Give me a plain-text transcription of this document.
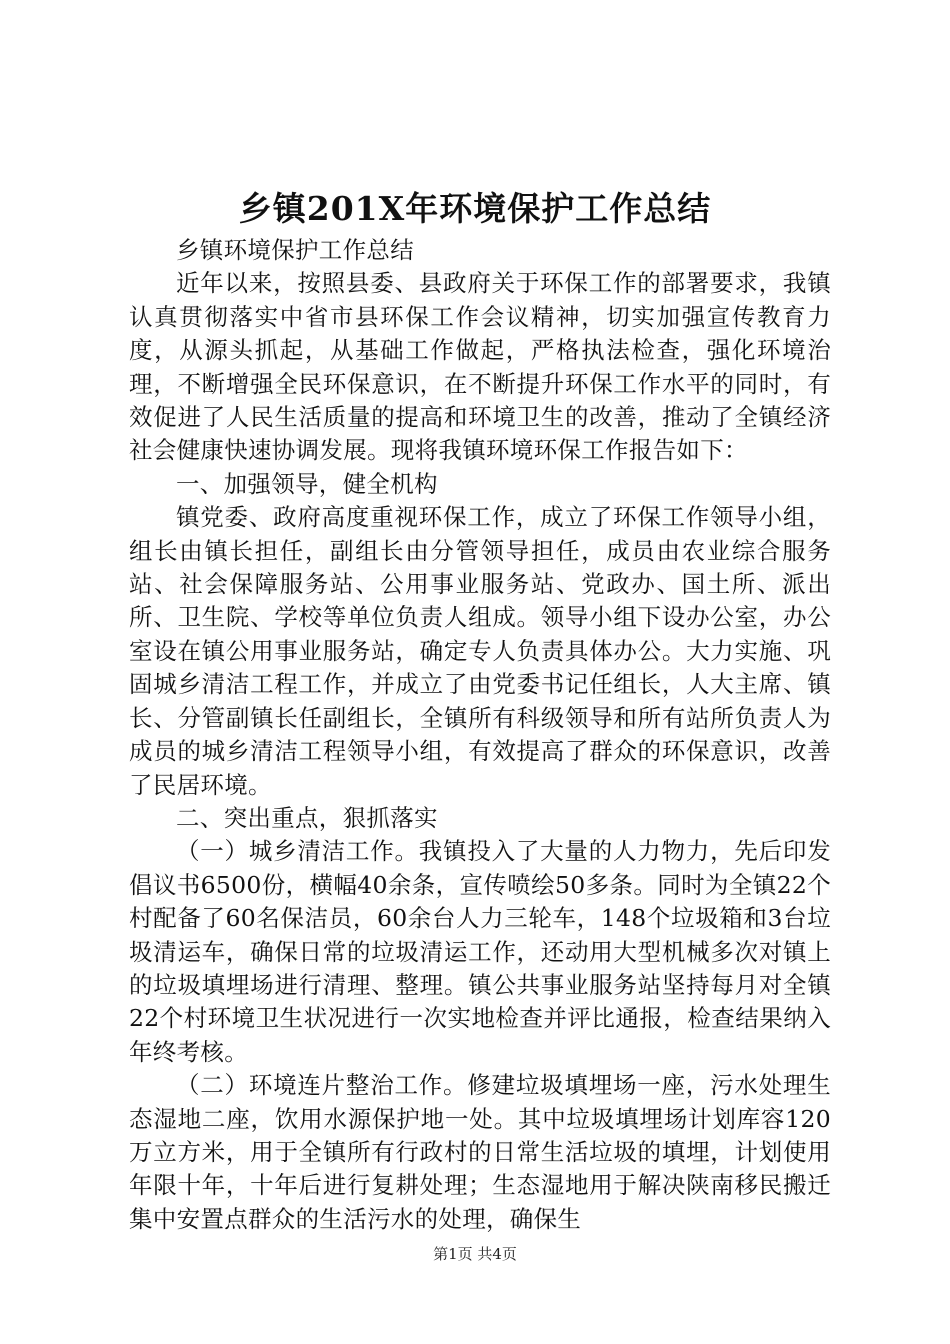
乡镇201X年环境保护工作总结

乡镇环境保护工作总结

近年以来，按照县委、县政府关于环保工作的部署要求，我镇认真贯彻落实中省市县环保工作会议精神，切实加强宣传教育力度，从源头抓起，从基础工作做起，严格执法检查，强化环境治理，不断增强全民环保意识，在不断提升环保工作水平的同时，有效促进了人民生活质量的提高和环境卫生的改善，推动了全镇经济社会健康快速协调发展。现将我镇环境环保工作报告如下：

一、加强领导，健全机构

镇党委、政府高度重视环保工作，成立了环保工作领导小组，组长由镇长担任，副组长由分管领导担任，成员由农业综合服务站、社会保障服务站、公用事业服务站、党政办、国土所、派出所、卫生院、学校等单位负责人组成。领导小组下设办公室，办公室设在镇公用事业服务站，确定专人负责具体办公。大力实施、巩固城乡清洁工程工作，并成立了由党委书记任组长，人大主席、镇长、分管副镇长任副组长，全镇所有科级领导和所有站所负责人为成员的城乡清洁工程领导小组，有效提高了群众的环保意识，改善了民居环境。

二、突出重点，狠抓落实

（一）城乡清洁工作。我镇投入了大量的人力物力，先后印发倡议书6500份，横幅40余条，宣传喷绘50多条。同时为全镇22个村配备了60名保洁员，60余台人力三轮车，148个垃圾箱和3台垃圾清运车，确保日常的垃圾清运工作，还动用大型机械多次对镇上的垃圾填埋场进行清理、整理。镇公共事业服务站坚持每月对全镇22个村环境卫生状况进行一次实地检查并评比通报，检查结果纳入年终考核。

（二）环境连片整治工作。修建垃圾填埋场一座，污水处理生态湿地二座，饮用水源保护地一处。其中垃圾填埋场计划库容120万立方米，用于全镇所有行政村的日常生活垃圾的填埋，计划使用年限十年，十年后进行复耕处理；生态湿地用于解决陕南移民搬迁集中安置点群众的生活污水的处理，确保生

第1页 共4页
